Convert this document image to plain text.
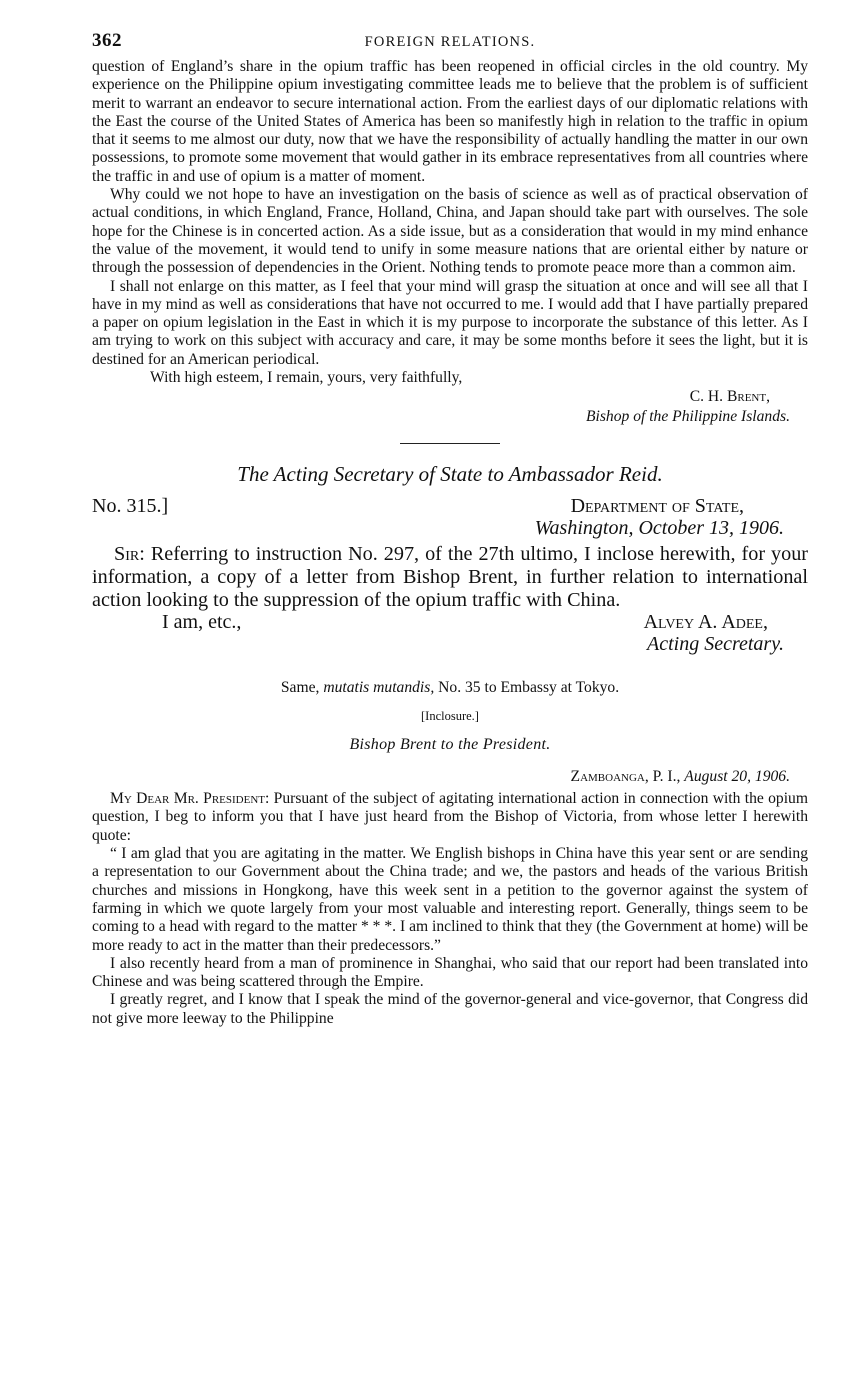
362	FOREIGN RELATIONS.

question of England’s share in the opium traffic has been reopened in official circles in the old country. My experience on the Philippine opium investigating committee leads me to believe that the problem is of sufficient merit to warrant an endeavor to secure international action. From the earliest days of our diplomatic relations with the East the course of the United States of America has been so manifestly high in relation to the traffic in opium that it seems to me almost our duty, now that we have the responsibility of actually handling the matter in our own possessions, to promote some movement that would gather in its embrace representatives from all countries where the traffic in and use of opium is a matter of moment.

Why could we not hope to have an investigation on the basis of science as well as of practical observation of actual conditions, in which England, France, Holland, China, and Japan should take part with ourselves. The sole hope for the Chinese is in concerted action. As a side issue, but as a consideration that would in my mind enhance the value of the movement, it would tend to unify in some measure nations that are oriental either by nature or through the possession of dependencies in the Orient. Nothing tends to promote peace more than a common aim.

I shall not enlarge on this matter, as I feel that your mind will grasp the situation at once and will see all that I have in my mind as well as considerations that have not occurred to me. I would add that I have partially prepared a paper on opium legislation in the East in which it is my purpose to incorporate the substance of this letter. As I am trying to work on this subject with accuracy and care, it may be some months before it sees the light, but it is destined for an American periodical.

With high esteem, I remain, yours, very faithfully,

C. H. Brent,
Bishop of the Philippine Islands.
The Acting Secretary of State to Ambassador Reid.
No. 315.]	Department of State,
Washington, October 13, 1906.

Sir: Referring to instruction No. 297, of the 27th ultimo, I inclose herewith, for your information, a copy of a letter from Bishop Brent, in further relation to international action looking to the suppression of the opium traffic with China.

I am, etc.,	Alvey A. Adee,
Acting Secretary.
Same, mutatis mutandis, No. 35 to Embassy at Tokyo.
[Inclosure.]
Bishop Brent to the President.
Zamboanga, P. I., August 20, 1906.

My Dear Mr. President: Pursuant of the subject of agitating international action in connection with the opium question, I beg to inform you that I have just heard from the Bishop of Victoria, from whose letter I herewith quote:

“ I am glad that you are agitating in the matter. We English bishops in China have this year sent or are sending a representation to our Government about the China trade; and we, the pastors and heads of the various British churches and missions in Hongkong, have this week sent in a petition to the governor against the system of farming in which we quote largely from your most valuable and interesting report. Generally, things seem to be coming to a head with regard to the matter * * *. I am inclined to think that they (the Government at home) will be more ready to act in the matter than their predecessors.”

I also recently heard from a man of prominence in Shanghai, who said that our report had been translated into Chinese and was being scattered through the Empire.

I greatly regret, and I know that I speak the mind of the governor-general and vice-governor, that Congress did not give more leeway to the Philippine
